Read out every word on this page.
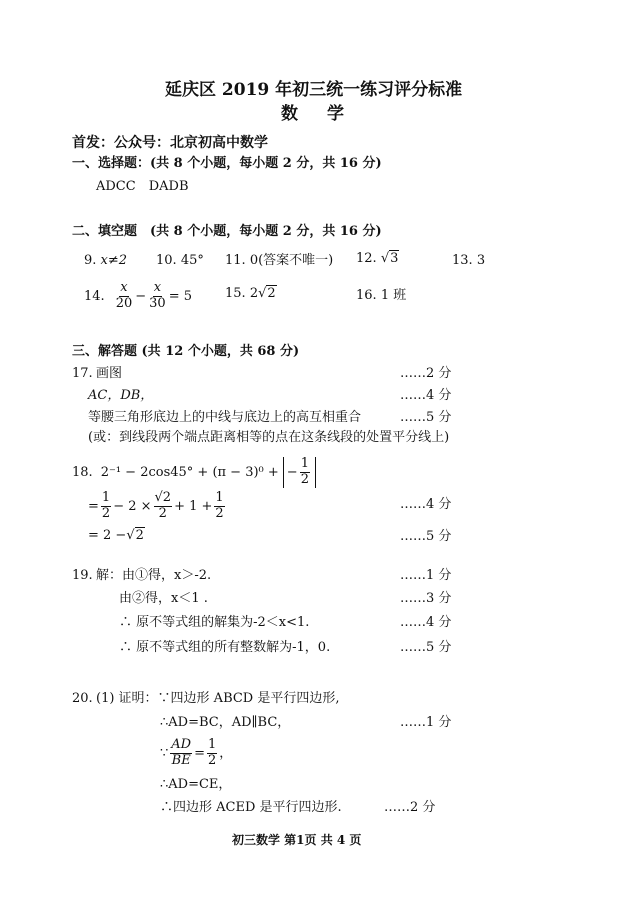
延庆区 2019 年初三统一练习评分标准
数　学
首发：公众号：北京初高中数学
一、选择题：(共 8 个小题，每小题 2 分，共 16 分)
ADCC　DADB
二、填空题　(共 8 个小题，每小题 2 分，共 16 分)
9. x≠2 10. 45° 11. 0(答案不唯一) 12. √3	13. 3
14. $\frac{x}{20} - \frac{x}{30} = 5$	15. 2√2	16. 1 班
三、解答题 (共 12 个小题，共 68 分)
17. 画图	……2 分
AC，DB，	……4 分
等腰三角形底边上的中线与底边上的高互相重合	……5 分
(或：到线段两个端点距离相等的点在这条线段的处置平分线上)
18. 2⁻¹ − 2cos45° + (π − 3)⁰ + − $\frac{1}{2}$
= $\frac{1}{2} - 2 \times \frac{√2}{2} + 1 + \frac{1}{2}$	……4 分
= 2 −√2	……5 分
19. 解：由①得，x＞-2.	……1 分
由②得，x＜1 .	……3 分
∴ 原不等式组的解集为-2＜x<1.	……4 分
∴ 原不等式组的所有整数解为-1，0.	……5 分
20. (1) 证明：∵四边形 ABCD 是平行四边形,
∴AD=BC，AD∥BC，	……1 分
∵ $\frac{AD}{BE} = \frac{1}{2}$ ，
∴AD=CE，
∴四边形 ACED 是平行四边形.	……2 分
初三数学 第1页 共 4 页
